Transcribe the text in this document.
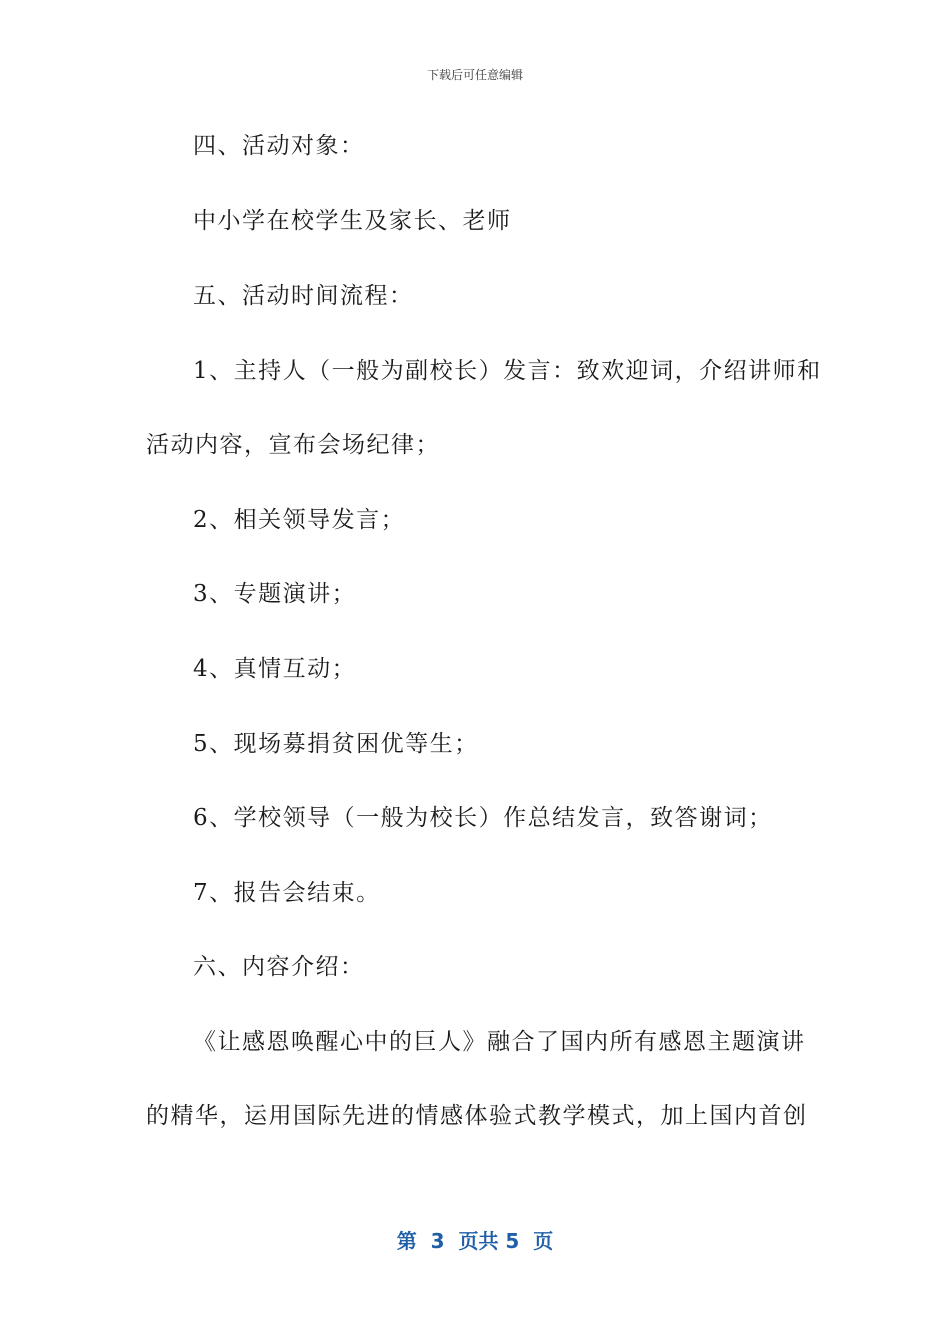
下载后可任意编辑
四、活动对象：
中小学在校学生及家长、老师
五、活动时间流程：
1、主持人（一般为副校长）发言：致欢迎词，介绍讲师和
活动内容，宣布会场纪律；
2、相关领导发言；
3、专题演讲；
4、真情互动；
5、现场募捐贫困优等生；
6、学校领导（一般为校长）作总结发言，致答谢词；
7、报告会结束。
六、内容介绍：
《让感恩唤醒心中的巨人》融合了国内所有感恩主题演讲
的精华，运用国际先进的情感体验式教学模式，加上国内首创
第  3  页共 5  页
